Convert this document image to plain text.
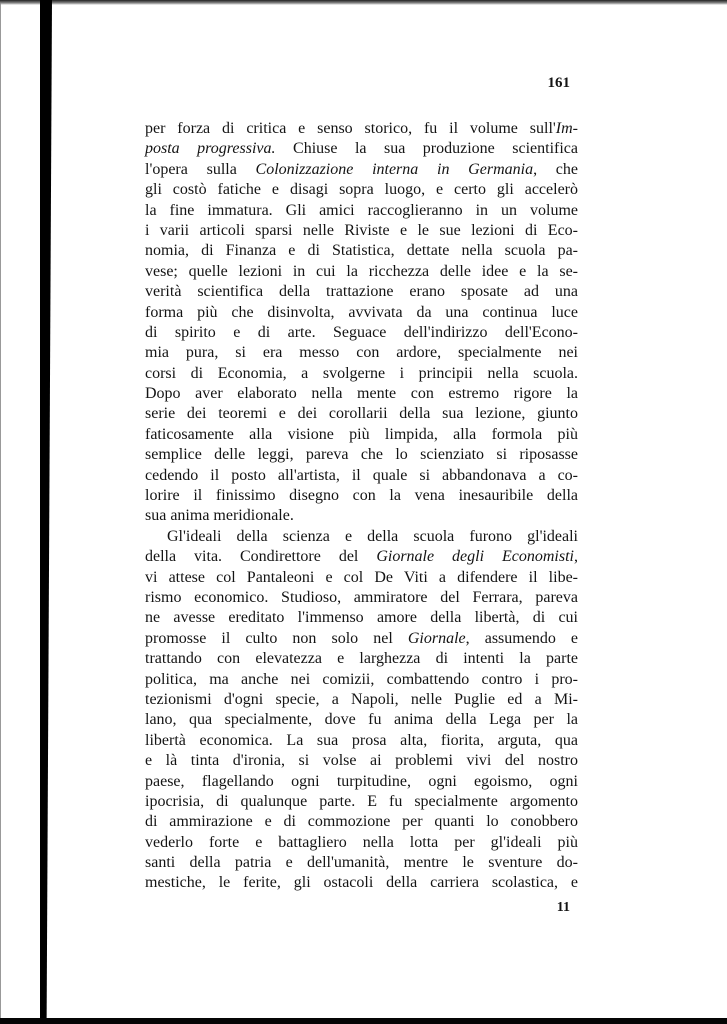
161
per forza di critica e senso storico, fu il volume sull'Im-
posta progressiva. Chiuse la sua produzione scientifica
l'opera sulla Colonizzazione interna in Germania, che
gli costò fatiche e disagi sopra luogo, e certo gli accelerò
la fine immatura. Gli amici raccoglieranno in un volume
i varii articoli sparsi nelle Riviste e le sue lezioni di Eco-
nomia, di Finanza e di Statistica, dettate nella scuola pa-
vese; quelle lezioni in cui la ricchezza delle idee e la se-
verità scientifica della trattazione erano sposate ad una
forma più che disinvolta, avvivata da una continua luce
di spirito e di arte. Seguace dell'indirizzo dell'Econo-
mia pura, si era messo con ardore, specialmente nei
corsi di Economia, a svolgerne i principii nella scuola.
Dopo aver elaborato nella mente con estremo rigore la
serie dei teoremi e dei corollarii della sua lezione, giunto
faticosamente alla visione più limpida, alla formola più
semplice delle leggi, pareva che lo scienziato si riposasse
cedendo il posto all'artista, il quale si abbandonava a co-
lorire il finissimo disegno con la vena inesauribile della
sua anima meridionale.
Gl'ideali della scienza e della scuola furono gl'ideali
della vita. Condirettore del Giornale degli Economisti,
vi attese col Pantaleoni e col De Viti a difendere il libe-
rismo economico. Studioso, ammiratore del Ferrara, pareva
ne avesse ereditato l'immenso amore della libertà, di cui
promosse il culto non solo nel Giornale, assumendo e
trattando con elevatezza e larghezza di intenti la parte
politica, ma anche nei comizii, combattendo contro i pro-
tezionismi d'ogni specie, a Napoli, nelle Puglie ed a Mi-
lano, qua specialmente, dove fu anima della Lega per la
libertà economica. La sua prosa alta, fiorita, arguta, qua
e là tinta d'ironia, si volse ai problemi vivi del nostro
paese, flagellando ogni turpitudine, ogni egoismo, ogni
ipocrisia, di qualunque parte. E fu specialmente argomento
di ammirazione e di commozione per quanti lo conobbero
vederlo forte e battagliero nella lotta per gl'ideali più
santi della patria e dell'umanità, mentre le sventure do-
mestiche, le ferite, gli ostacoli della carriera scolastica, e
11
